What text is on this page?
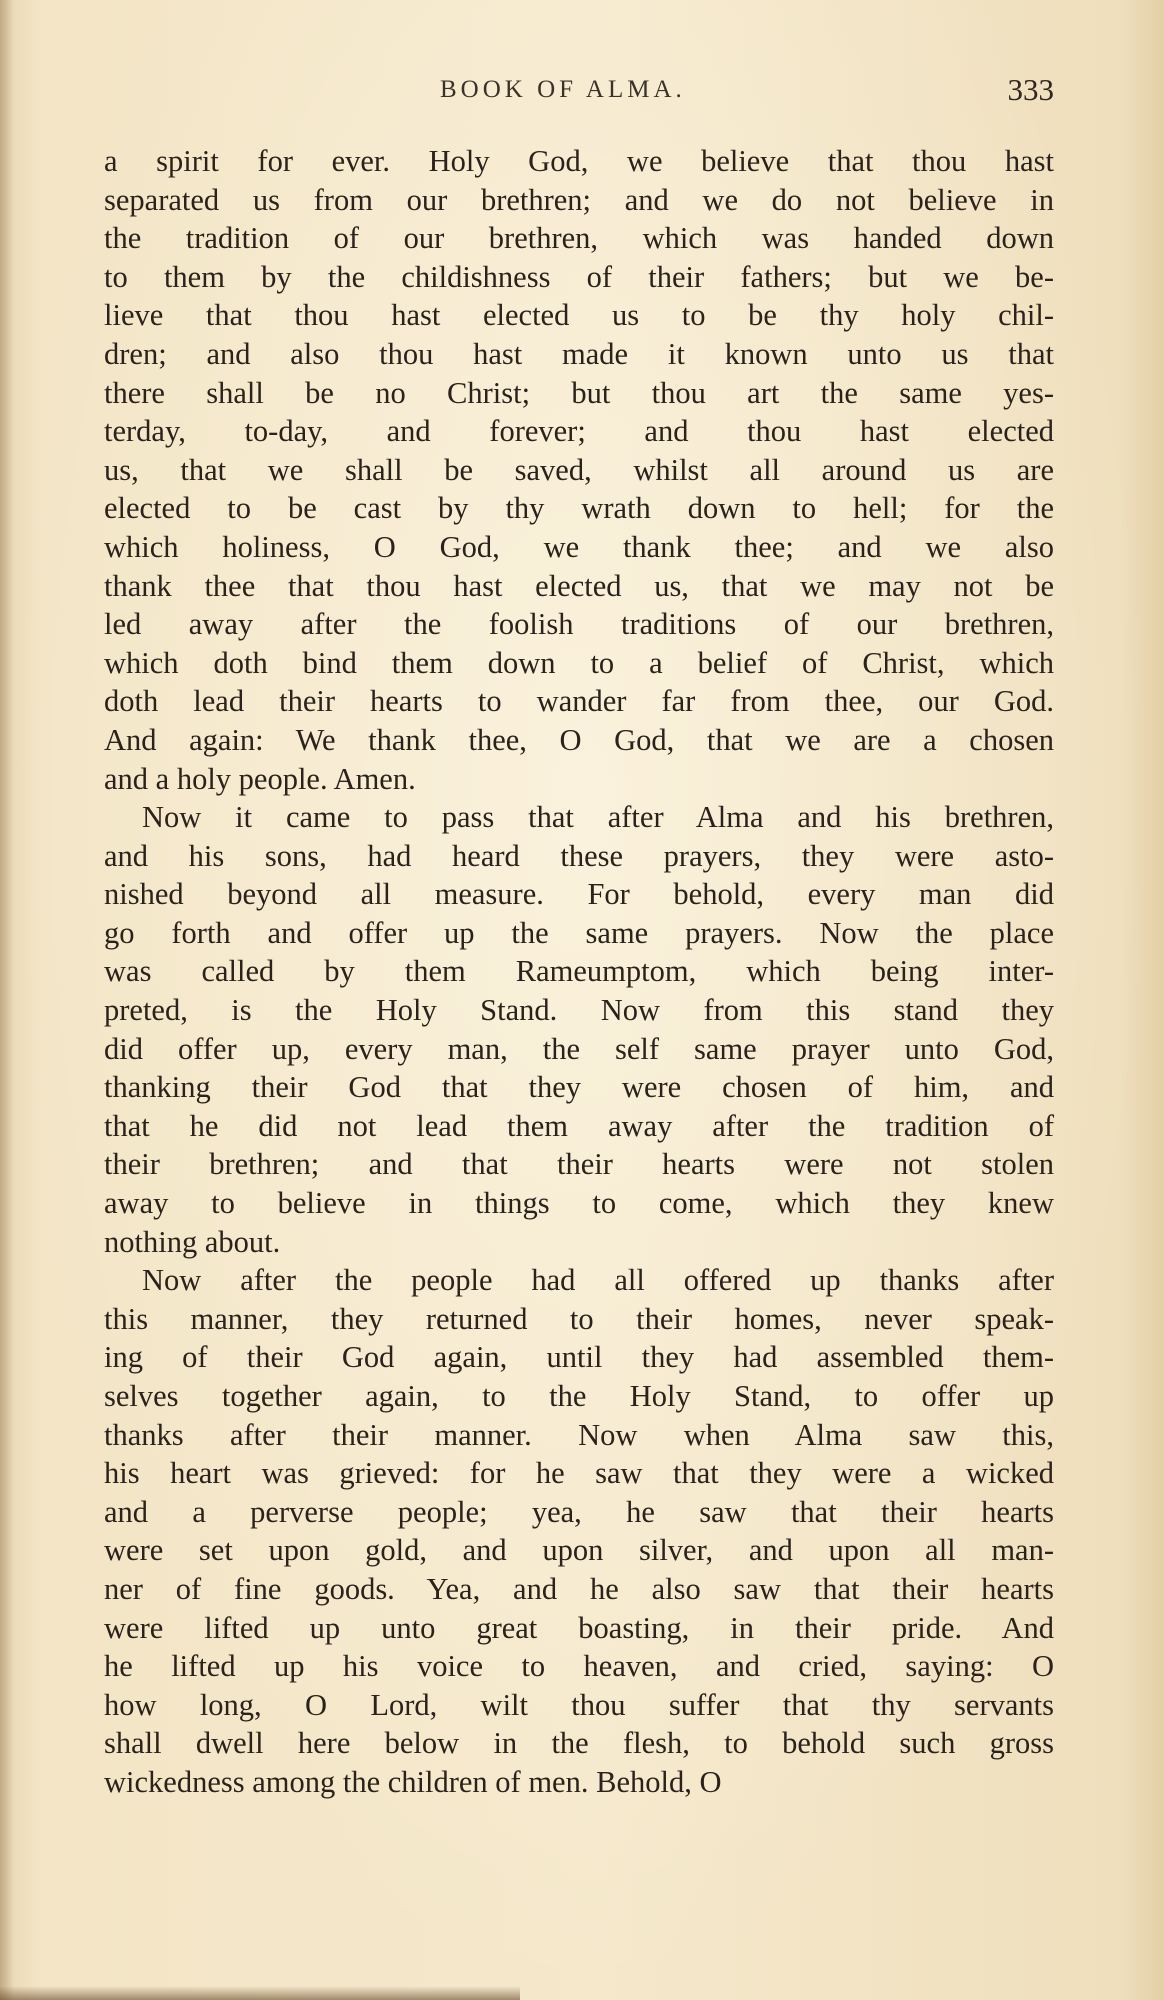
BOOK OF ALMA.	333
a spirit for ever. Holy God, we believe that thou hast
separated us from our brethren; and we do not believe in
the tradition of our brethren, which was handed down
to them by the childishness of their fathers; but we be-
lieve that thou hast elected us to be thy holy chil-
dren; and also thou hast made it known unto us that
there shall be no Christ; but thou art the same yes-
terday, to-day, and forever; and thou hast elected
us, that we shall be saved, whilst all around us are
elected to be cast by thy wrath down to hell; for the
which holiness, O God, we thank thee; and we also
thank thee that thou hast elected us, that we may not be
led away after the foolish traditions of our brethren,
which doth bind them down to a belief of Christ, which
doth lead their hearts to wander far from thee, our God.
And again: We thank thee, O God, that we are a chosen
and a holy people. Amen.
Now it came to pass that after Alma and his brethren,
and his sons, had heard these prayers, they were asto-
nished beyond all measure. For behold, every man did
go forth and offer up the same prayers. Now the place
was called by them Rameumptom, which being inter-
preted, is the Holy Stand. Now from this stand they
did offer up, every man, the self same prayer unto God,
thanking their God that they were chosen of him, and
that he did not lead them away after the tradition of
their brethren; and that their hearts were not stolen
away to believe in things to come, which they knew
nothing about.
Now after the people had all offered up thanks after
this manner, they returned to their homes, never speak-
ing of their God again, until they had assembled them-
selves together again, to the Holy Stand, to offer up
thanks after their manner. Now when Alma saw this,
his heart was grieved: for he saw that they were a wicked
and a perverse people; yea, he saw that their hearts
were set upon gold, and upon silver, and upon all man-
ner of fine goods. Yea, and he also saw that their hearts
were lifted up unto great boasting, in their pride. And
he lifted up his voice to heaven, and cried, saying: O
how long, O Lord, wilt thou suffer that thy servants
shall dwell here below in the flesh, to behold such gross
wickedness among the children of men. Behold, O
